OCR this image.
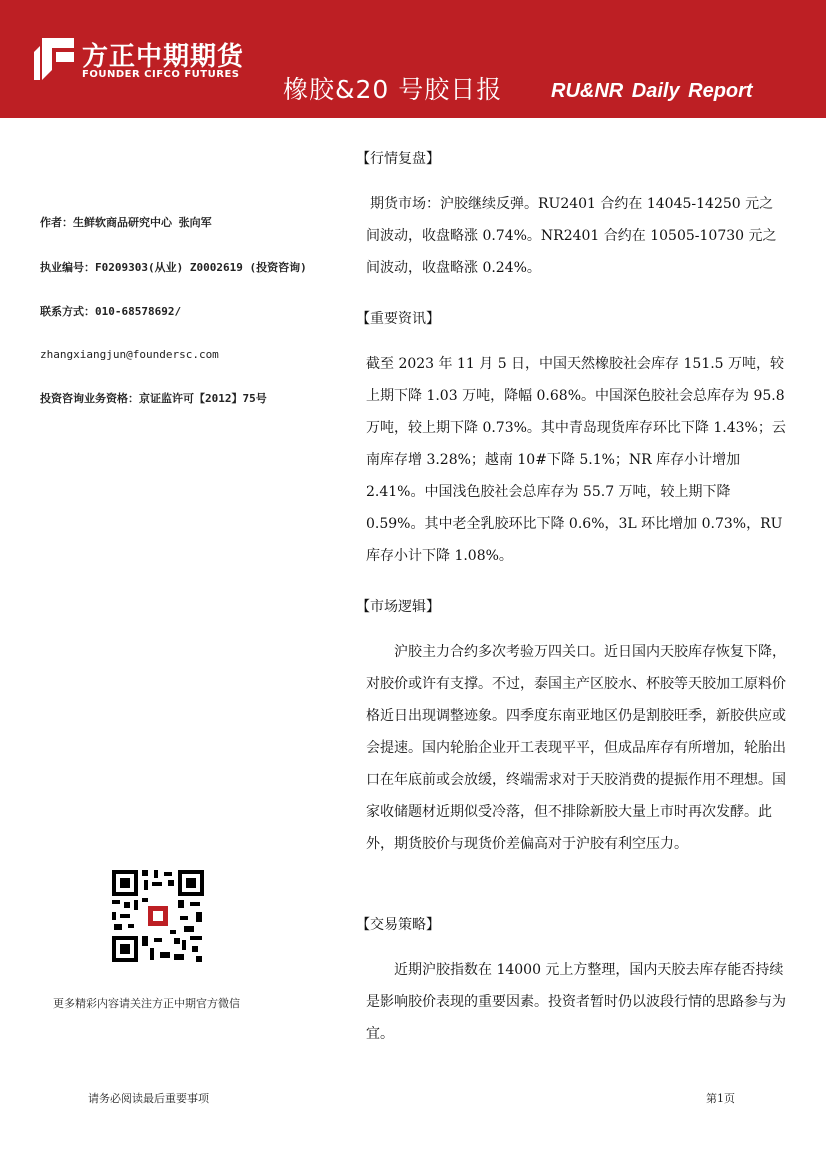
方正中期期货
FOUNDER CIFCO FUTURES
橡胶&20 号胶日报 RU&NR Daily Report
作者：生鲜软商品研究中心 张向军
执业编号：F0209303(从业) Z0002619 (投资咨询)
联系方式：010-68578692/
zhangxiangjun@foundersc.com
投资咨询业务资格：京证监许可【2012】75号
更多精彩内容请关注方正中期官方微信
【行情复盘】

期货市场：沪胶继续反弹。RU2401 合约在 14045-14250 元之间波动，收盘略涨 0.74%。NR2401 合约在 10505-10730 元之间波动，收盘略涨 0.24%。

【重要资讯】

截至 2023 年 11 月 5 日，中国天然橡胶社会库存 151.5 万吨，较上期下降 1.03 万吨，降幅 0.68%。中国深色胶社会总库存为 95.8 万吨，较上期下降 0.73%。其中青岛现货库存环比下降 1.43%；云南库存增 3.28%；越南 10#下降 5.1%；NR 库存小计增加 2.41%。中国浅色胶社会总库存为 55.7 万吨，较上期下降 0.59%。其中老全乳胶环比下降 0.6%，3L 环比增加 0.73%，RU 库存小计下降 1.08%。

【市场逻辑】

沪胶主力合约多次考验万四关口。近日国内天胶库存恢复下降，对胶价或许有支撑。不过，泰国主产区胶水、杯胶等天胶加工原料价格近日出现调整迹象。四季度东南亚地区仍是割胶旺季，新胶供应或会提速。国内轮胎企业开工表现平平，但成品库存有所增加，轮胎出口在年底前或会放缓，终端需求对于天胶消费的提振作用不理想。国家收储题材近期似受冷落，但不排除新胶大量上市时再次发酵。此外，期货胶价与现货价差偏高对于沪胶有利空压力。

【交易策略】

近期沪胶指数在 14000 元上方整理，国内天胶去库存能否持续是影响胶价表现的重要因素。投资者暂时仍以波段行情的思路参与为宜。

请务必阅读最后重要事项	第1页
